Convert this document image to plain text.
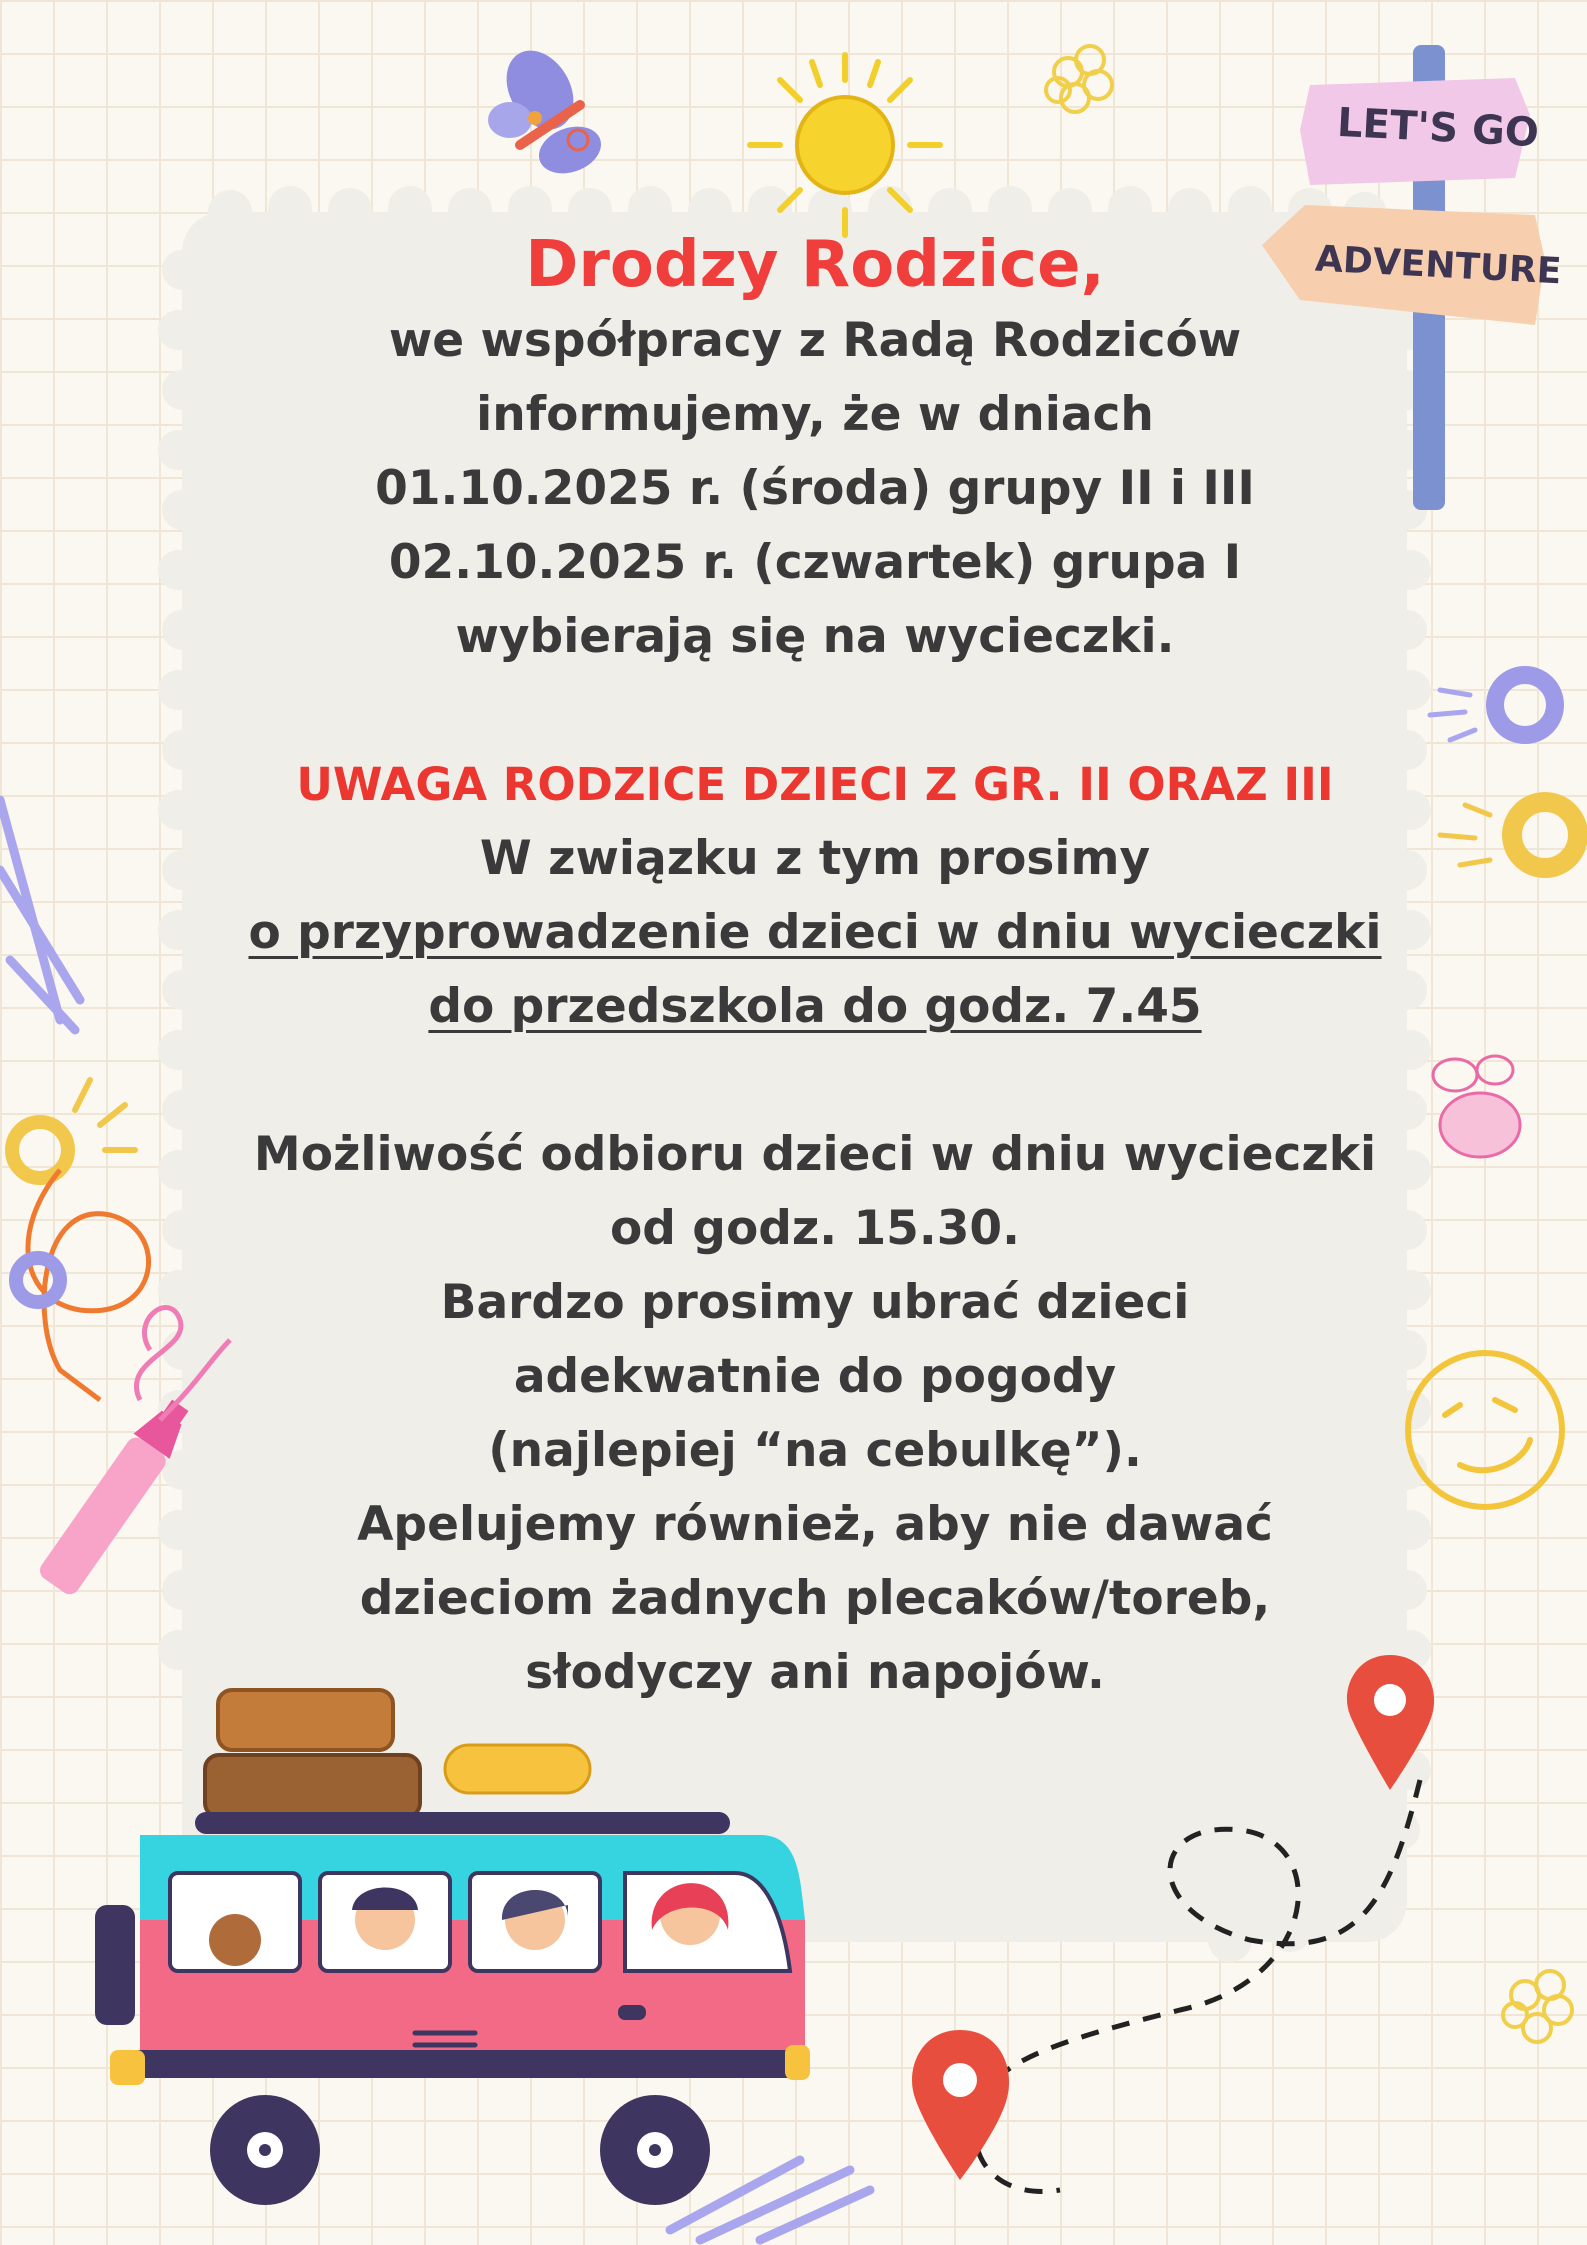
LET'S GO
ADVENTURE
Drodzy Rodzice,
we współpracy z Radą Rodziców
informujemy, że w dniach
01.10.2025 r. (środa) grupy II i III
02.10.2025 r. (czwartek) grupa I
wybierają się na wycieczki.
UWAGA RODZICE DZIECI Z GR. II ORAZ III
W związku z tym prosimy
o przyprowadzenie dzieci w dniu wycieczki
do przedszkola do godz. 7.45
Możliwość odbioru dzieci w dniu wycieczki
od godz. 15.30.
Bardzo prosimy ubrać dzieci
adekwatnie do pogody
(najlepiej “na cebulkę”).
Apelujemy również, aby nie dawać
dzieciom żadnych plecaków/toreb,
słodyczy ani napojów.
